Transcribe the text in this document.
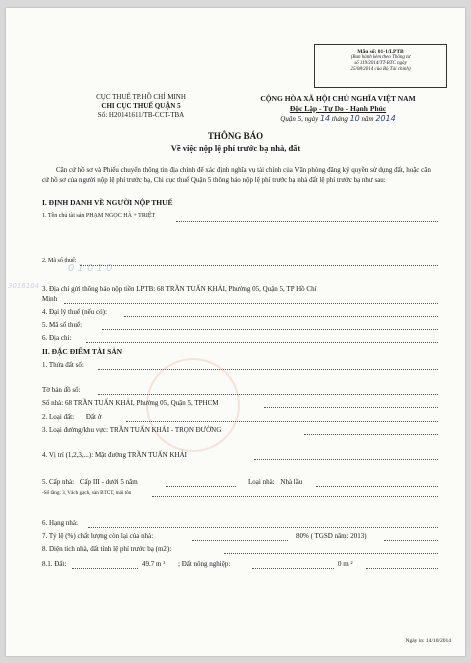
Mẫu số: 01-1/LPTB
(Ban hành kèm theo Thông tư
số 119/2014/TT-BTC ngày
25/08/2014 của Bộ Tài chính)
CỤC THUẾ TP.HỒ CHÍ MINH
CHI CỤC THUẾ QUẬN 5
Số: H20141611/TB-CCT-TBA
CỘNG HÒA XÃ HỘI CHỦ NGHĨA VIỆT NAM
Độc Lập - Tự Do - Hạnh Phúc
Quận 5, ngày 14 tháng 10 năm 2014
THÔNG BÁO
Về việc nộp lệ phí trước bạ nhà, đất
Căn cứ hồ sơ và Phiếu chuyển thông tin địa chính để xác định nghĩa vụ tài chính của Văn phòng đăng ký quyền sử dụng đất, hoặc căn cứ hồ sơ của người nộp lệ phí trước bạ, Chi cục thuế Quận 5 thông báo nộp lệ phí trước bạ nhà đất lệ phí trước bạ như sau:
I. ĐỊNH DANH VỀ NGƯỜI NỘP THUẾ
1. Tên chủ tài sản PHẠM NGỌC HÀ + TRIỆT
2. Mã số thuế:
0 1 0 1 0
3016104 3. Địa chỉ gửi thông báo nộp tiền LPTB: 68 TRẦN TUẤN KHẢI, Phường 05, Quận 5, TP Hồ Chí
Minh
4. Đại lý thuế (nếu có):
5. Mã số thuế:
6. Địa chỉ:
II. ĐẶC ĐIỂM TÀI SẢN
1. Thửa đất số:
Tờ bản đồ số:
Số nhà: 68 TRẦN TUẤN KHẢI, Phường 05, Quận 5, TPHCM
2. Loại đất: Đất ở
3. Loại đường/khu vực: TRẦN TUẤN KHẢI - TRỌN ĐƯỜNG
4. Vị trí (1,2,3,...): Mặt đường TRẦN TUẤN KHẢI
5. Cấp nhà: Cấp III - dưới 5 năm	Loại nhà: Nhà lầu
-Số tầng: 3, Vách gạch, sàn BTCT, mái tôn
6. Hạng nhà:
7. Tỷ lệ (%) chất lượng còn lại của nhà:	80% ( TGSD năm: 2013)
8. Diện tích nhà, đất tính lệ phí trước bạ (m2):
8.1. Đất:	49.7 m ² ; Đất nông nghiệp:	0 m ²
Ngày in: 14/10/2014
